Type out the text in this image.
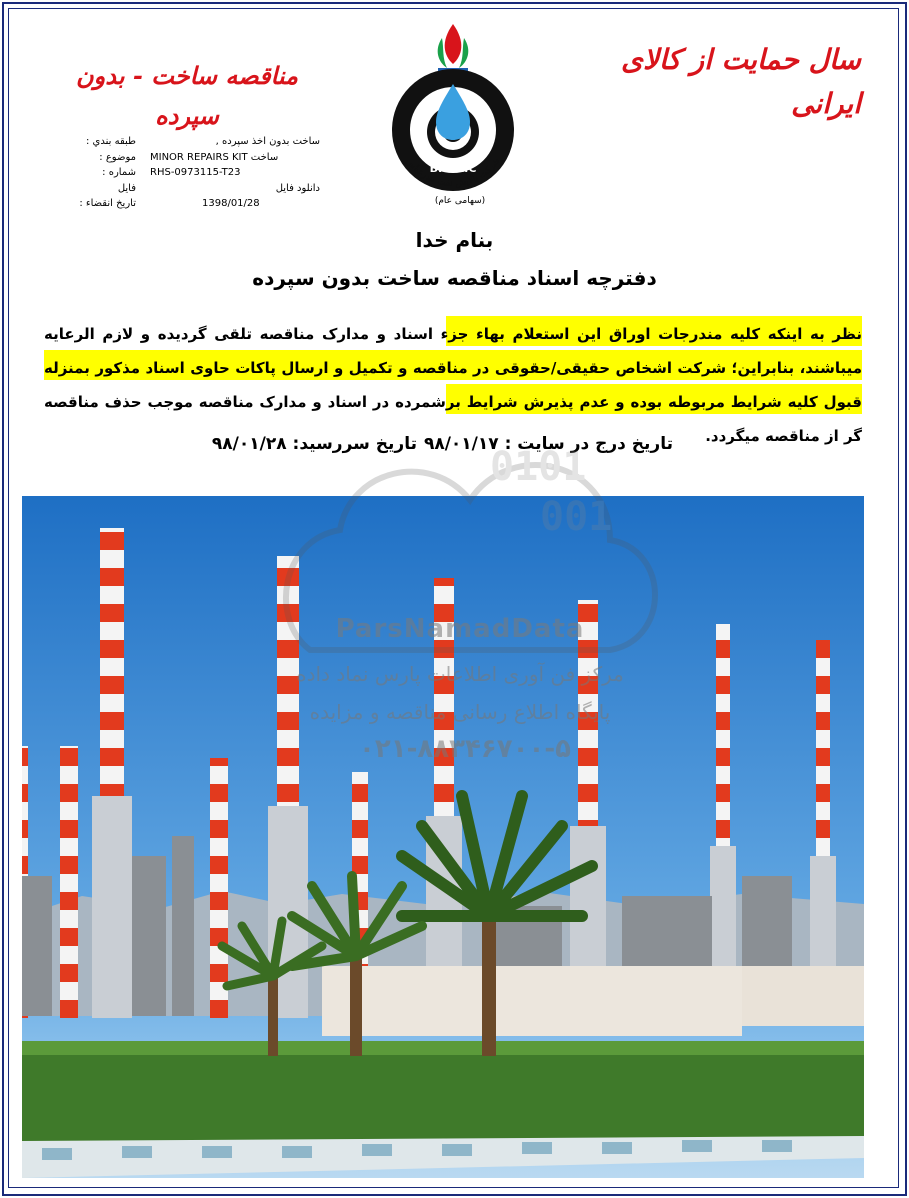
سال حمایت از کالای ایرانی
مناقصه ساخت - بدون سپرده
B.O.R.C
شرکت پالایش نفت بندرعباس
(سهامی عام)
طبقه بندي :
موضوع :
شماره :
فايل
تاريخ انقضاء :
ساخت بدون اخذ سپرده ,
MINOR REPAIRS KIT ساخت
RHS-0973115-T23
دانلود فايل
1398/01/28
بنام خدا
دفترچه اسناد مناقصه ساخت بدون سپرده
نظر به اینکه کلیه مندرجات اوراق این استعلام بهاء جزء اسناد و مدارک مناقصه تلقی گردیده و لازم الرعایه میباشند، بنابراین؛ شرکت اشخاص حقیقی/حقوقی در مناقصه و تکمیل و ارسال پاکات حاوی اسناد مذکور بمنزله قبول کلیه شرایط مربوطه بوده و عدم پذیرش شرایط برشمرده در اسناد و مدارک مناقصه موجب حذف مناقصه گر از مناقصه میگردد.
تاریخ درج در سایت : ۹۸/۰۱/۱۷
تاریخ سررسید: ۹۸/۰۱/۲۸ 0101
001
ParsNamadData
مرکز فن آوری اطلاعات پارس نماد داده
پایگاه اطلاع رسانی مناقصه و مزایده
۰۲۱-۸۸۳۴۶۷۰۰-۵
